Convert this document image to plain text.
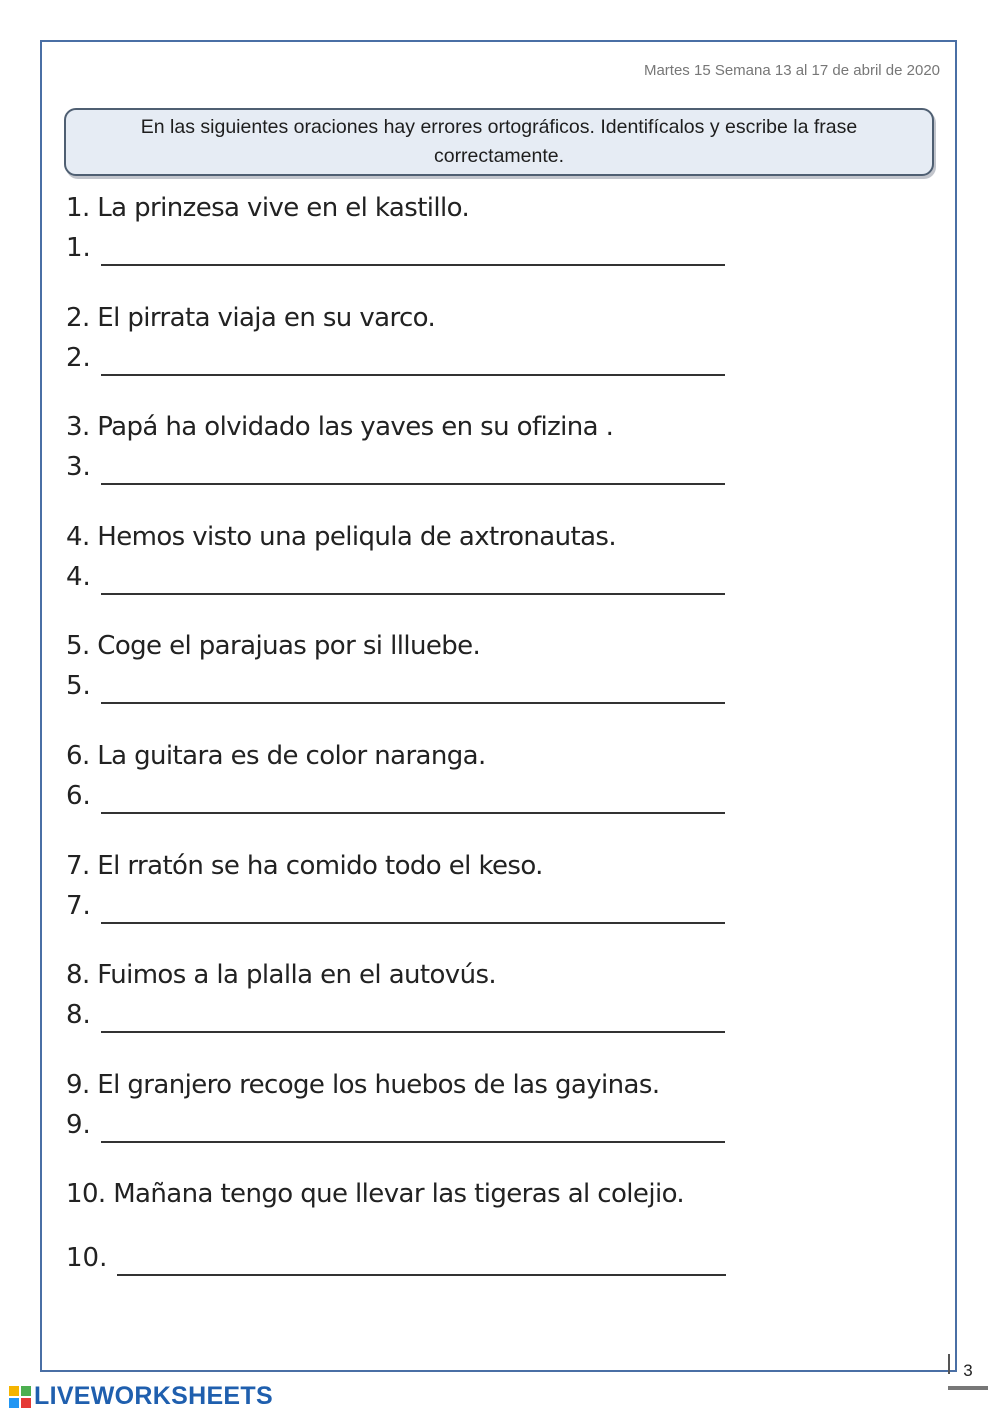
Martes 15 Semana 13 al 17 de abril de 2020
En las siguientes oraciones hay errores ortográficos. Identifícalos y escribe la frase correctamente.
1. La prinzesa vive en el kastillo.
1.
2. El pirrata viaja en su varco.
2.
3. Papá ha olvidado las yaves en su ofizina .
3.
4. Hemos visto una peliqula de axtronautas.
4.
5. Coge el parajuas por si llluebe.
5.
6. La guitara es de color naranga.
6.
7. El rratón se ha comido todo el keso.
7.
8. Fuimos a la plalla en el autovús.
8.
9. El granjero recoge los huebos de las gayinas.
9.
10. Mañana tengo que llevar las tigeras al colejio.
10.
3
LIVEWORKSHEETS
